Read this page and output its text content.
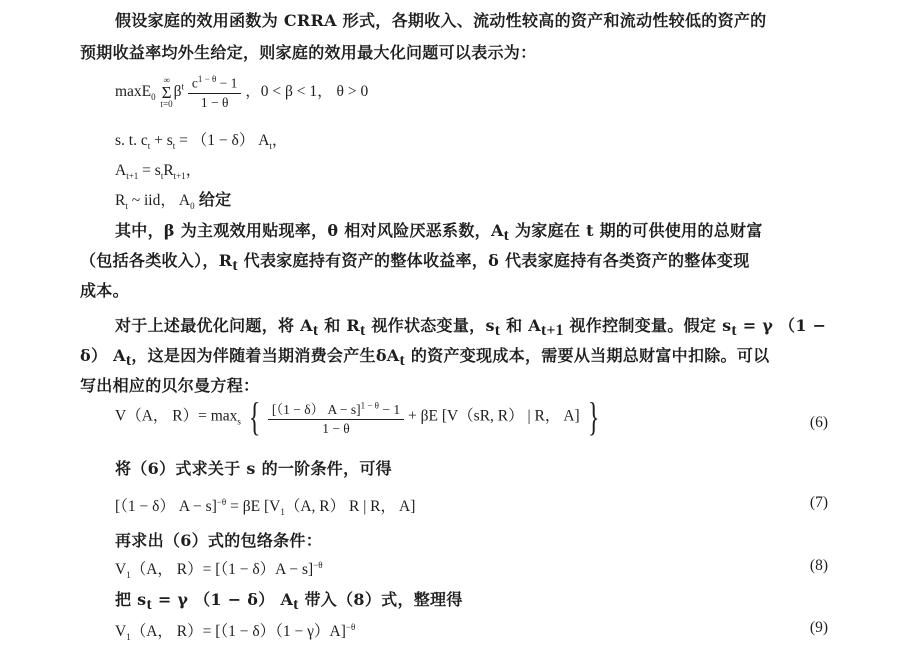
假设家庭的效用函数为 CRRA 形式，各期收入、流动性较高的资产和流动性较低的资产的
预期收益率均外生给定，则家庭的效用最大化问题可以表示为：
maxE$_0$ ∞
Σ
$t=0\beta^t \frac{c^{1 - \theta} - 1}{1 - \theta}$ ，0 < β < 1， θ > 0
s. t. $c_t + s_t = (1 - \delta)$ $A_t$，
$A_{t+1} = s_tR_{t+1}$，
$R_t$ ~ iid， $A_0$ 给定
其中，β 为主观效用贴现率，θ 相对风险厌恶系数，$A_t$ 为家庭在 t 期的可供使用的总财富
（包括各类收入），$R_t$ 代表家庭持有资产的整体收益率，δ 代表家庭持有各类资产的整体变现
成本。
对于上述最优化问题，将 $A_t$ 和 $R_t$ 视作状态变量，$s_t$ 和 $A_{t+1}$ 视作控制变量。假定 $s_t = \gamma$ （1 −
δ） $A_t$，这是因为伴随着当期消费会产生$\delta A_t$ 的资产变现成本，需要从当期总财富中扣除。可以
写出相应的贝尔曼方程：
V（A， $R)= \max_s$ { $\frac{[(1 - \delta) A - s]^{1 - \theta} - 1}{1 - \theta} + \beta E$ [V（sR, R） | R， A] }	(6)
将（6）式求关于 s 的一阶条件，可得
[（1 − δ） A − s]$^{-\theta}$ = βE [$V_1(A$, R） R | R， A]	(7)
再求出（6）式的包络条件：
$V_1(A$， $R)= [(1 - \delta)A - s]^{-\theta}$	(8)
把 $s_t = \gamma$ （1 − δ） $A_t$ 带入（8）式，整理得
$V_1(A$， $R)= [(1 - \delta)(1 - \gamma)A]^{-\theta}$	(9)
